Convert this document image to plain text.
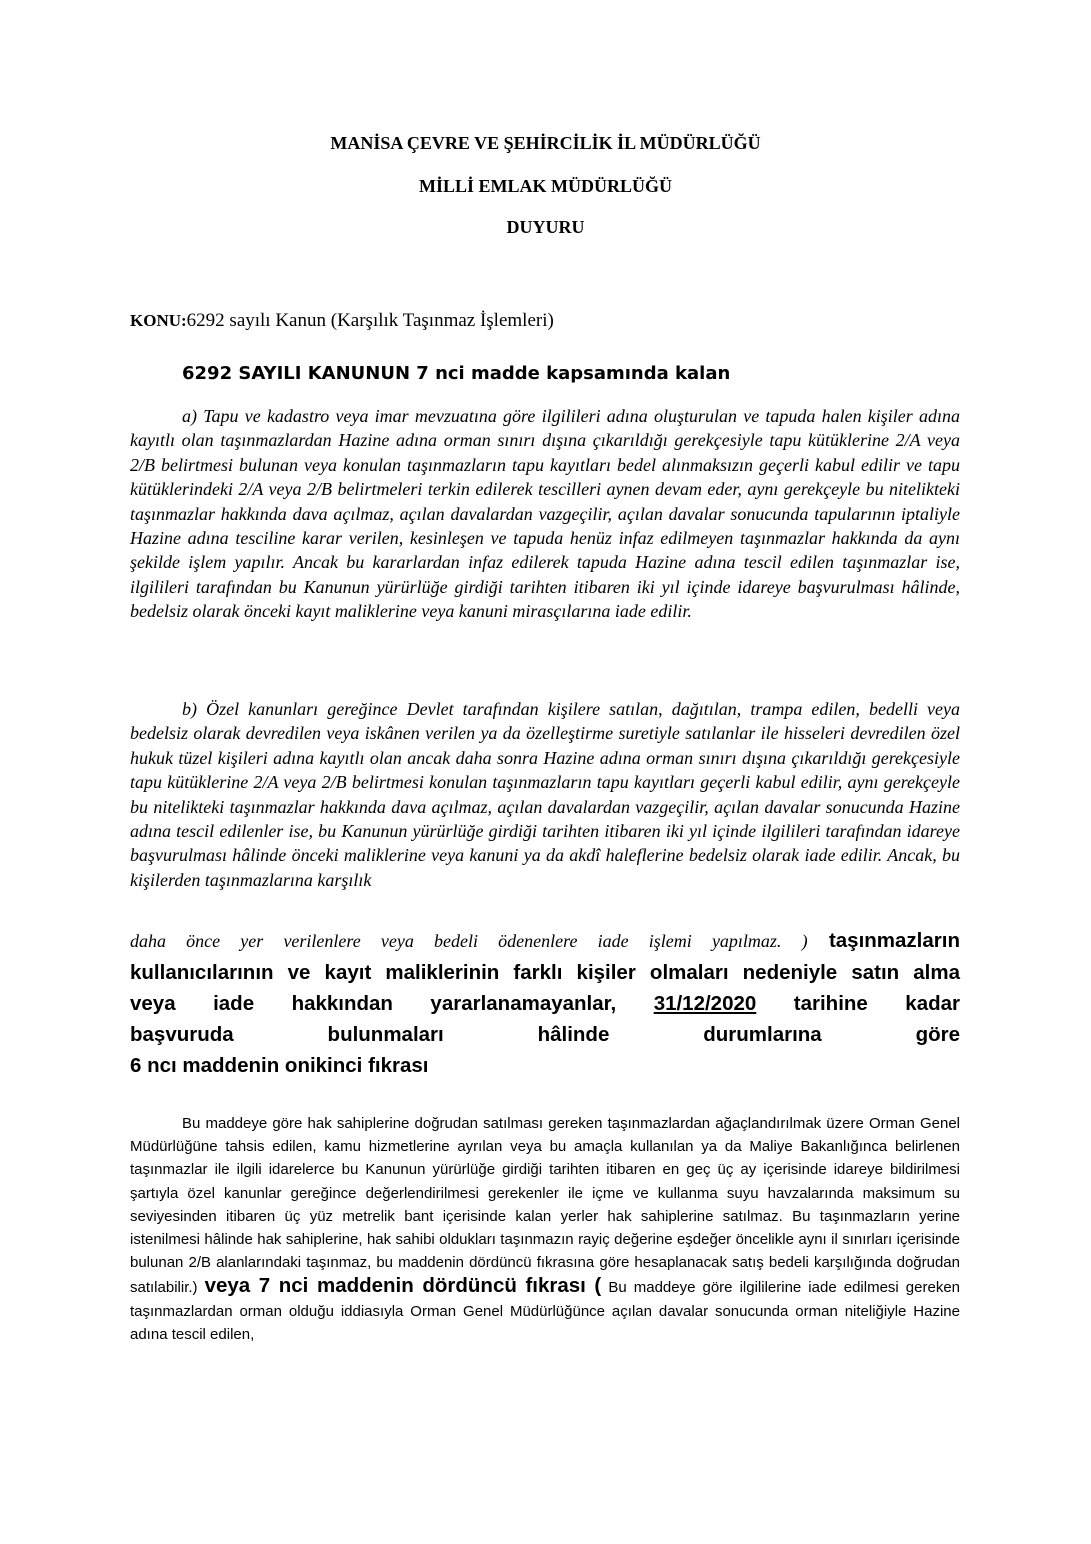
MANİSA ÇEVRE VE ŞEHİRCİLİK İL MÜDÜRLÜĞÜ
MİLLİ EMLAK MÜDÜRLÜĞÜ
DUYURU
KONU:6292 sayılı Kanun (Karşılık Taşınmaz İşlemleri)
6292 SAYILI KANUNUN 7 nci madde kapsamında kalan

a) Tapu ve kadastro veya imar mevzuatına göre ilgilileri adına oluşturulan ve tapuda halen kişiler adına kayıtlı olan taşınmazlardan Hazine adına orman sınırı dışına çıkarıldığı gerekçesiyle tapu kütüklerine 2/A veya 2/B belirtmesi bulunan veya konulan taşınmazların tapu kayıtları bedel alınmaksızın geçerli kabul edilir ve tapu kütüklerindeki 2/A veya 2/B belirtmeleri terkin edilerek tescilleri aynen devam eder, aynı gerekçeyle bu nitelikteki taşınmazlar hakkında dava açılmaz, açılan davalardan vazgeçilir, açılan davalar sonucunda tapularının iptaliyle Hazine adına tesciline karar verilen, kesinleşen ve tapuda henüz infaz edilmeyen taşınmazlar hakkında da aynı şekilde işlem yapılır. Ancak bu kararlardan infaz edilerek tapuda Hazine adına tescil edilen taşınmazlar ise, ilgilileri tarafından bu Kanunun yürürlüğe girdiği tarihten itibaren iki yıl içinde idareye başvurulması hâlinde, bedelsiz olarak önceki kayıt maliklerine veya kanuni mirasçılarına iade edilir.

b) Özel kanunları gereğince Devlet tarafından kişilere satılan, dağıtılan, trampa edilen, bedelli veya bedelsiz olarak devredilen veya iskânen verilen ya da özelleştirme suretiyle satılanlar ile hisseleri devredilen özel hukuk tüzel kişileri adına kayıtlı olan ancak daha sonra Hazine adına orman sınırı dışına çıkarıldığı gerekçesiyle tapu kütüklerine 2/A veya 2/B belirtmesi konulan taşınmazların tapu kayıtları geçerli kabul edilir, aynı gerekçeyle bu nitelikteki taşınmazlar hakkında dava açılmaz, açılan davalardan vazgeçilir, açılan davalar sonucunda Hazine adına tescil edilenler ise, bu Kanunun yürürlüğe girdiği tarihten itibaren iki yıl içinde ilgilileri tarafından idareye başvurulması hâlinde önceki maliklerine veya kanuni ya da akdî haleflerine bedelsiz olarak iade edilir. Ancak, bu kişilerden taşınmazlarına karşılık

daha önce yer verilenlere veya bedeli ödenenlere iade işlemi yapılmaz. ) taşınmazların
kullanıcılarının ve kayıt maliklerinin farklı kişiler olmaları nedeniyle satın alma
veya iade hakkından yararlanamayanlar, 31/12/2020 tarihine kadar
başvuruda bulunmaları hâlinde durumlarına göre
6 ncı maddenin onikinci fıkrası

Bu maddeye göre hak sahiplerine doğrudan satılması gereken taşınmazlardan ağaçlandırılmak üzere Orman Genel Müdürlüğüne tahsis edilen, kamu hizmetlerine ayrılan veya bu amaçla kullanılan ya da Maliye Bakanlığınca belirlenen taşınmazlar ile ilgili idarelerce bu Kanunun yürürlüğe girdiği tarihten itibaren en geç üç ay içerisinde idareye bildirilmesi şartıyla özel kanunlar gereğince değerlendirilmesi gerekenler ile içme ve kullanma suyu havzalarında maksimum su seviyesinden itibaren üç yüz metrelik bant içerisinde kalan yerler hak sahiplerine satılmaz. Bu taşınmazların yerine istenilmesi hâlinde hak sahiplerine, hak sahibi oldukları taşınmazın rayiç değerine eşdeğer öncelikle aynı il sınırları içerisinde bulunan 2/B alanlarındaki taşınmaz, bu maddenin dördüncü fıkrasına göre hesaplanacak satış bedeli karşılığında doğrudan satılabilir.) veya 7 nci maddenin dördüncü fıkrası ( Bu maddeye göre ilgililerine iade edilmesi gereken taşınmazlardan orman olduğu iddiasıyla Orman Genel Müdürlüğünce açılan davalar sonucunda orman niteliğiyle Hazine adına tescil edilen,
